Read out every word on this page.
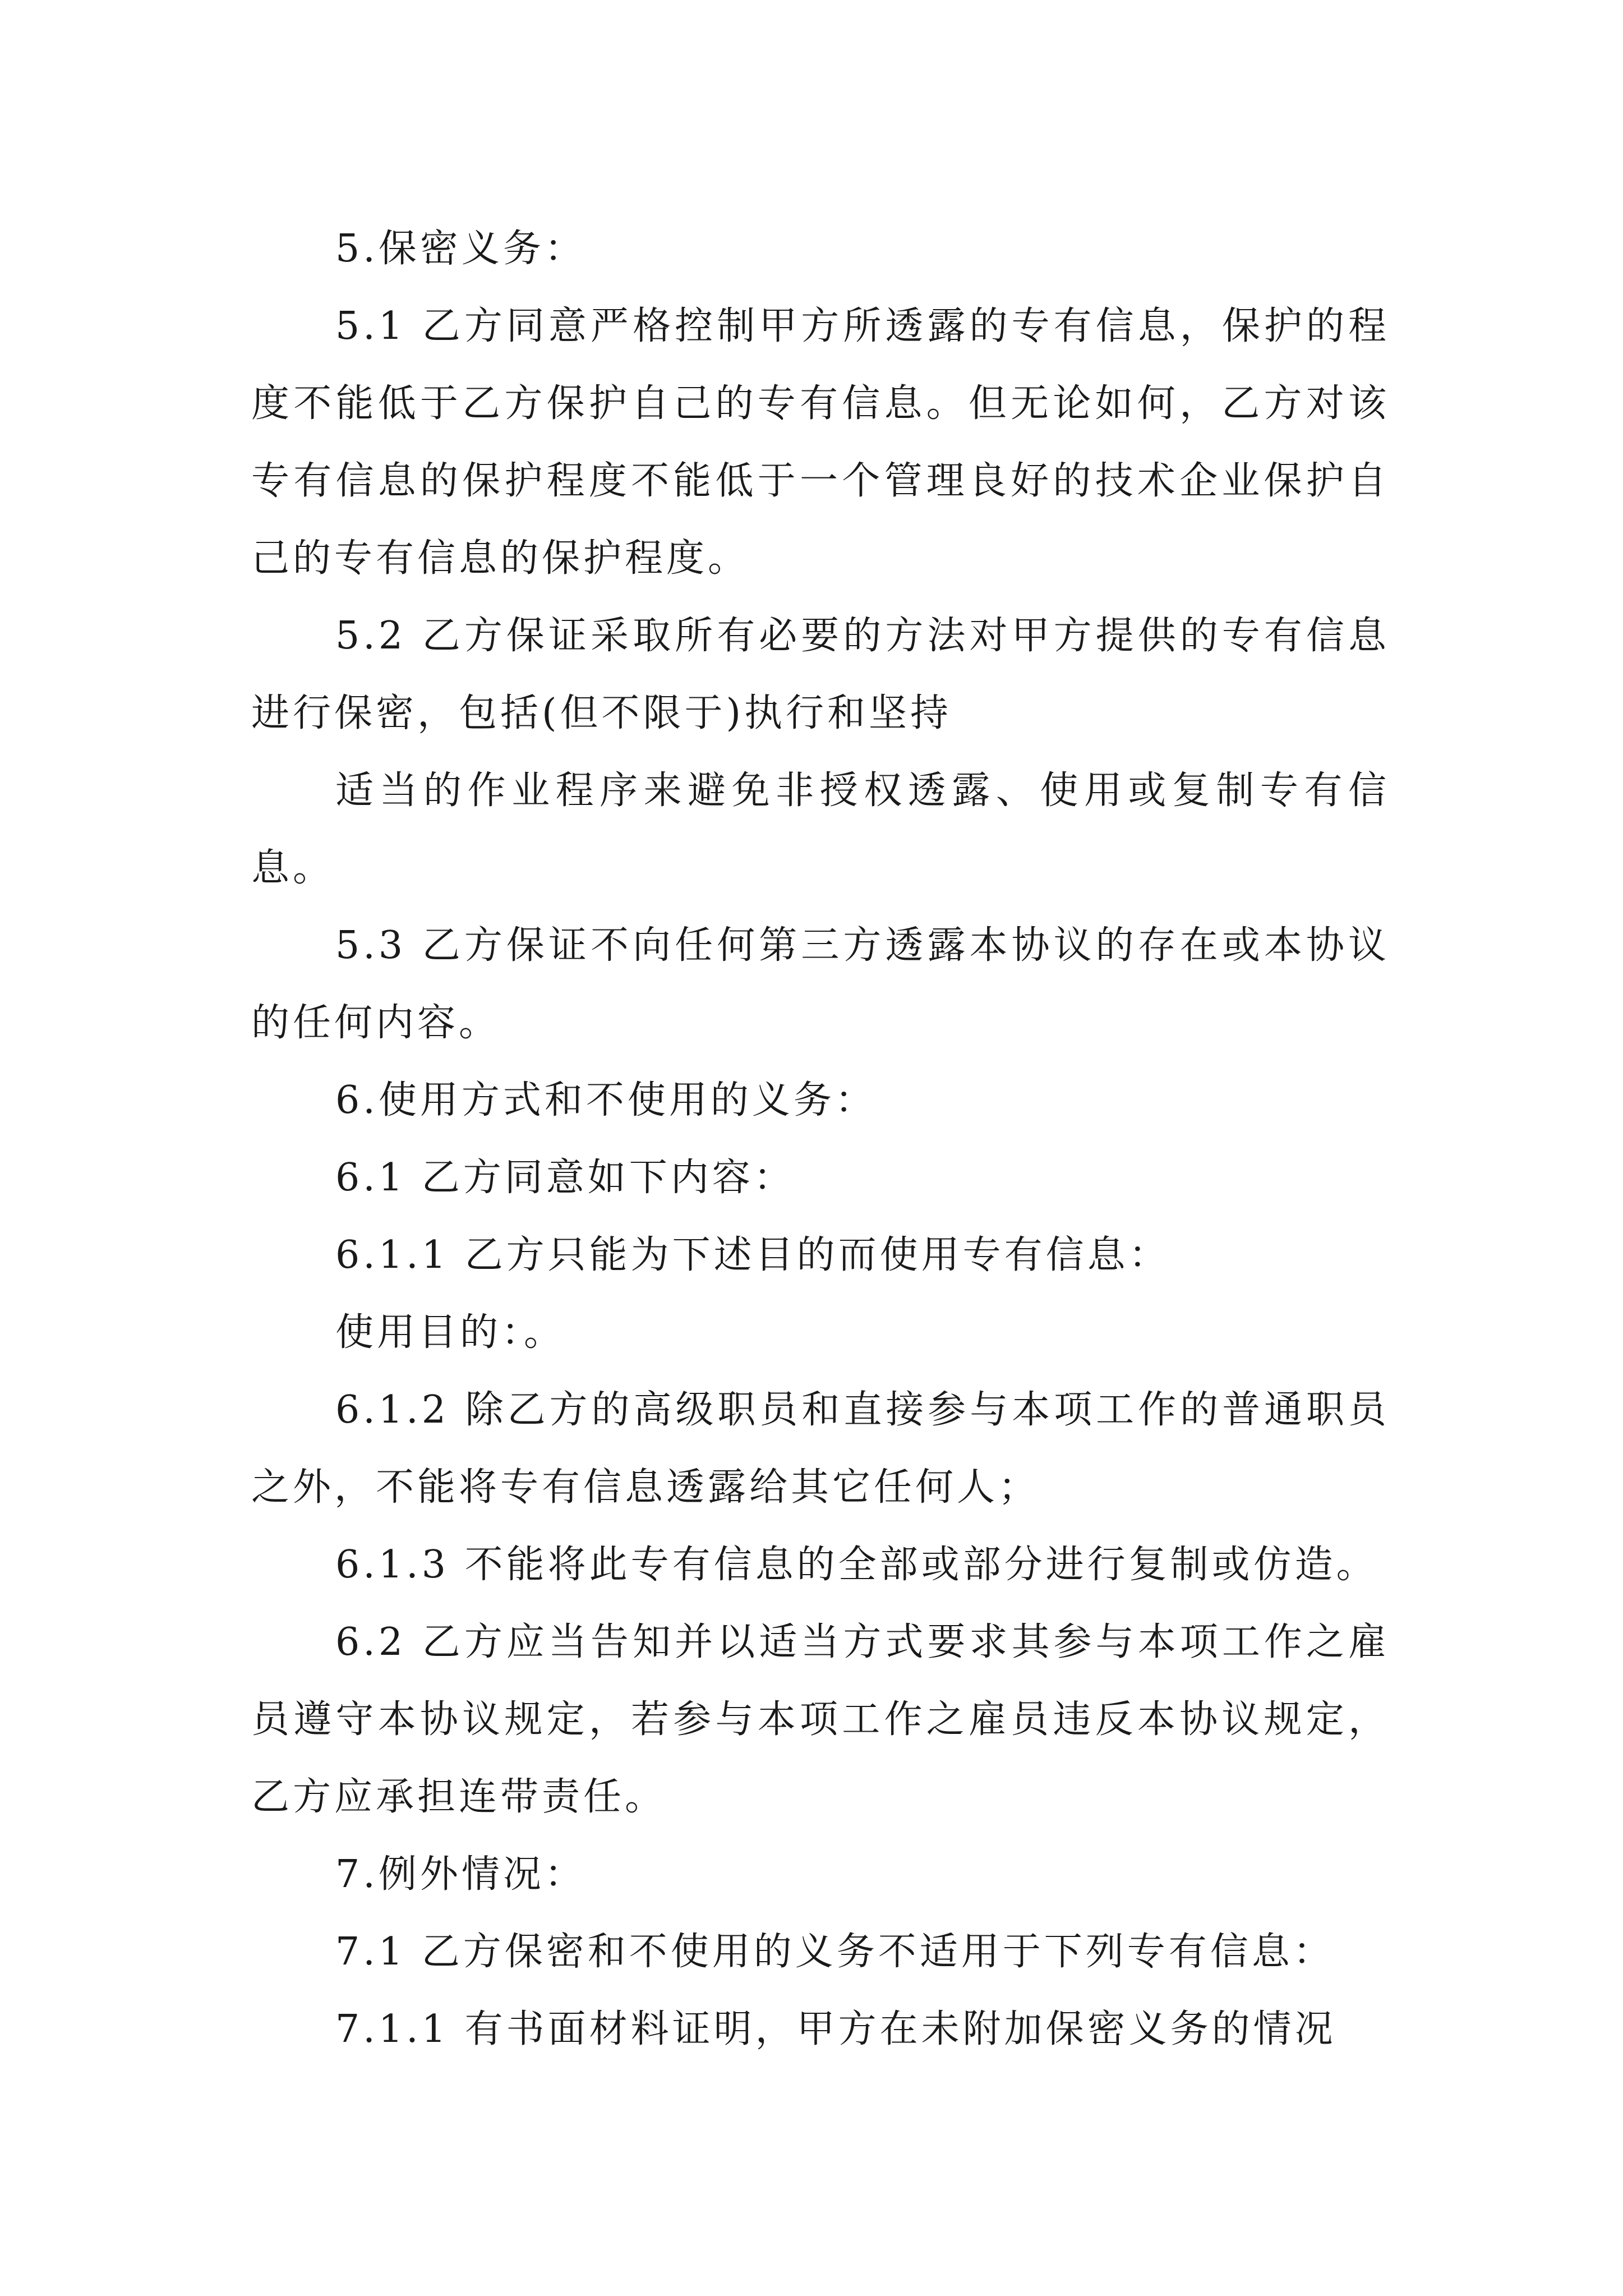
5.保密义务：

5.1 乙方同意严格控制甲方所透露的专有信息，保护的程度不能低于乙方保护自己的专有信息。但无论如何，乙方对该专有信息的保护程度不能低于一个管理良好的技术企业保护自己的专有信息的保护程度。

5.2 乙方保证采取所有必要的方法对甲方提供的专有信息进行保密，包括(但不限于)执行和坚持

适当的作业程序来避免非授权透露、使用或复制专有信息。

5.3 乙方保证不向任何第三方透露本协议的存在或本协议的任何内容。

6.使用方式和不使用的义务：

6.1 乙方同意如下内容：

6.1.1 乙方只能为下述目的而使用专有信息：

使用目的：。

6.1.2 除乙方的高级职员和直接参与本项工作的普通职员之外，不能将专有信息透露给其它任何人；

6.1.3 不能将此专有信息的全部或部分进行复制或仿造。

6.2 乙方应当告知并以适当方式要求其参与本项工作之雇员遵守本协议规定，若参与本项工作之雇员违反本协议规定，乙方应承担连带责任。

7.例外情况：

7.1 乙方保密和不使用的义务不适用于下列专有信息：

7.1.1 有书面材料证明，甲方在未附加保密义务的情况
